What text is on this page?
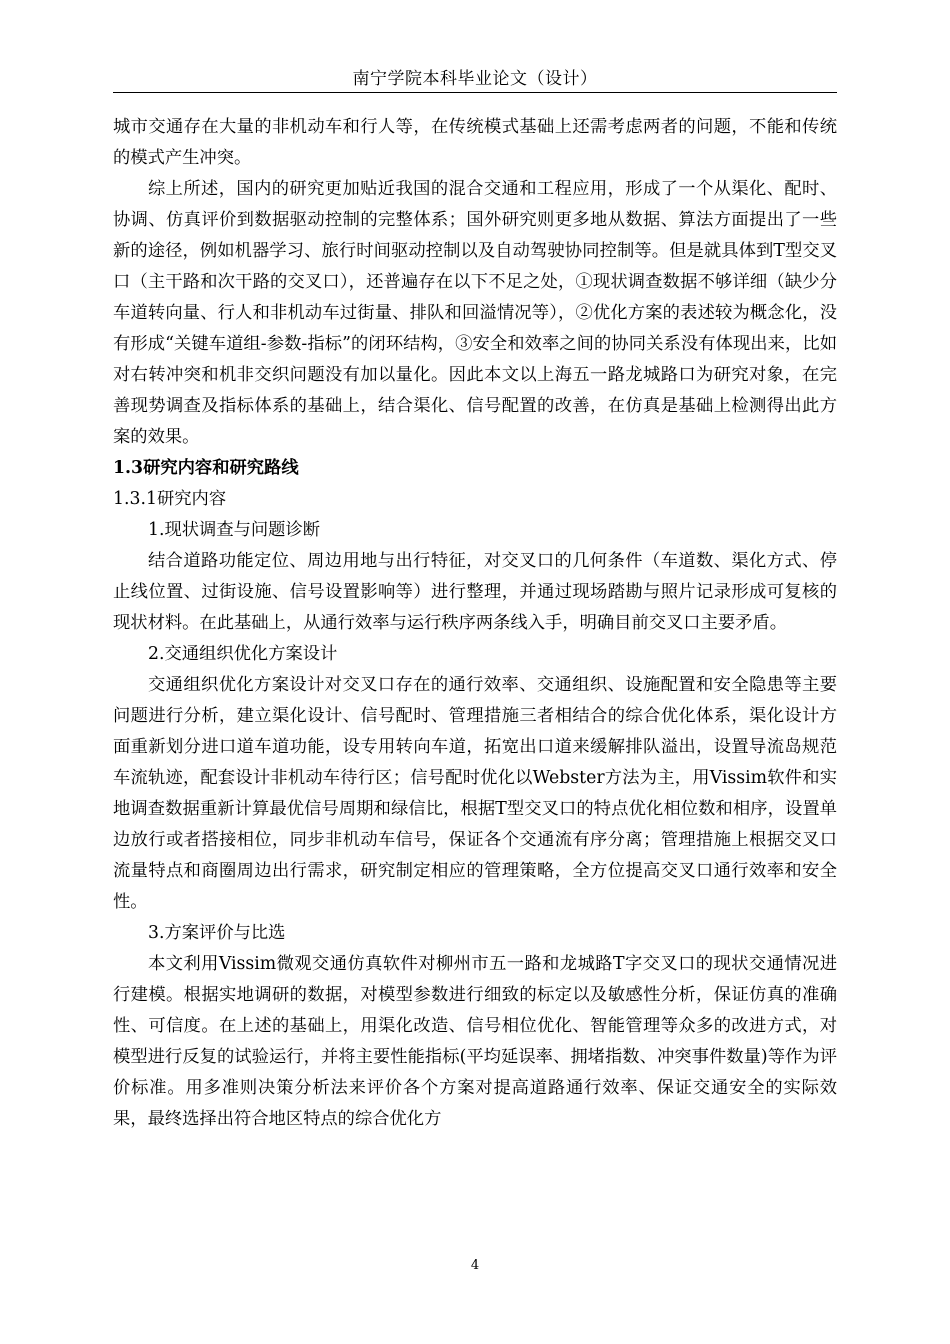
南宁学院本科毕业论文（设计）

城市交通存在大量的非机动车和行人等，在传统模式基础上还需考虑两者的问题，不能和传统的模式产生冲突。

综上所述，国内的研究更加贴近我国的混合交通和工程应用，形成了一个从渠化、配时、协调、仿真评价到数据驱动控制的完整体系；国外研究则更多地从数据、算法方面提出了一些新的途径，例如机器学习、旅行时间驱动控制以及自动驾驶协同控制等。但是就具体到T型交叉口（主干路和次干路的交叉口），还普遍存在以下不足之处，①现状调查数据不够详细（缺少分车道转向量、行人和非机动车过街量、排队和回溢情况等），②优化方案的表述较为概念化，没有形成“关键车道组-参数-指标”的闭环结构，③安全和效率之间的协同关系没有体现出来，比如对右转冲突和机非交织问题没有加以量化。因此本文以上海五一路龙城路口为研究对象，在完善现势调查及指标体系的基础上，结合渠化、信号配置的改善，在仿真是基础上检测得出此方案的效果。

1.3研究内容和研究路线

1.3.1研究内容

1.现状调查与问题诊断

结合道路功能定位、周边用地与出行特征，对交叉口的几何条件（车道数、渠化方式、停止线位置、过街设施、信号设置影响等）进行整理，并通过现场踏勘与照片记录形成可复核的现状材料。在此基础上，从通行效率与运行秩序两条线入手，明确目前交叉口主要矛盾。

2.交通组织优化方案设计

交通组织优化方案设计对交叉口存在的通行效率、交通组织、设施配置和安全隐患等主要问题进行分析，建立渠化设计、信号配时、管理措施三者相结合的综合优化体系，渠化设计方面重新划分进口道车道功能，设专用转向车道，拓宽出口道来缓解排队溢出，设置导流岛规范车流轨迹，配套设计非机动车待行区；信号配时优化以Webster方法为主，用Vissim软件和实地调查数据重新计算最优信号周期和绿信比，根据T型交叉口的特点优化相位数和相序，设置单边放行或者搭接相位，同步非机动车信号，保证各个交通流有序分离；管理措施上根据交叉口流量特点和商圈周边出行需求，研究制定相应的管理策略，全方位提高交叉口通行效率和安全性。

3.方案评价与比选

本文利用Vissim微观交通仿真软件对柳州市五一路和龙城路T字交叉口的现状交通情况进行建模。根据实地调研的数据，对模型参数进行细致的标定以及敏感性分析，保证仿真的准确性、可信度。在上述的基础上，用渠化改造、信号相位优化、智能管理等众多的改进方式，对模型进行反复的试验运行，并将主要性能指标(平均延误率、拥堵指数、冲突事件数量)等作为评价标准。用多准则决策分析法来评价各个方案对提高道路通行效率、保证交通安全的实际效果，最终选择出符合地区特点的综合优化方

4
